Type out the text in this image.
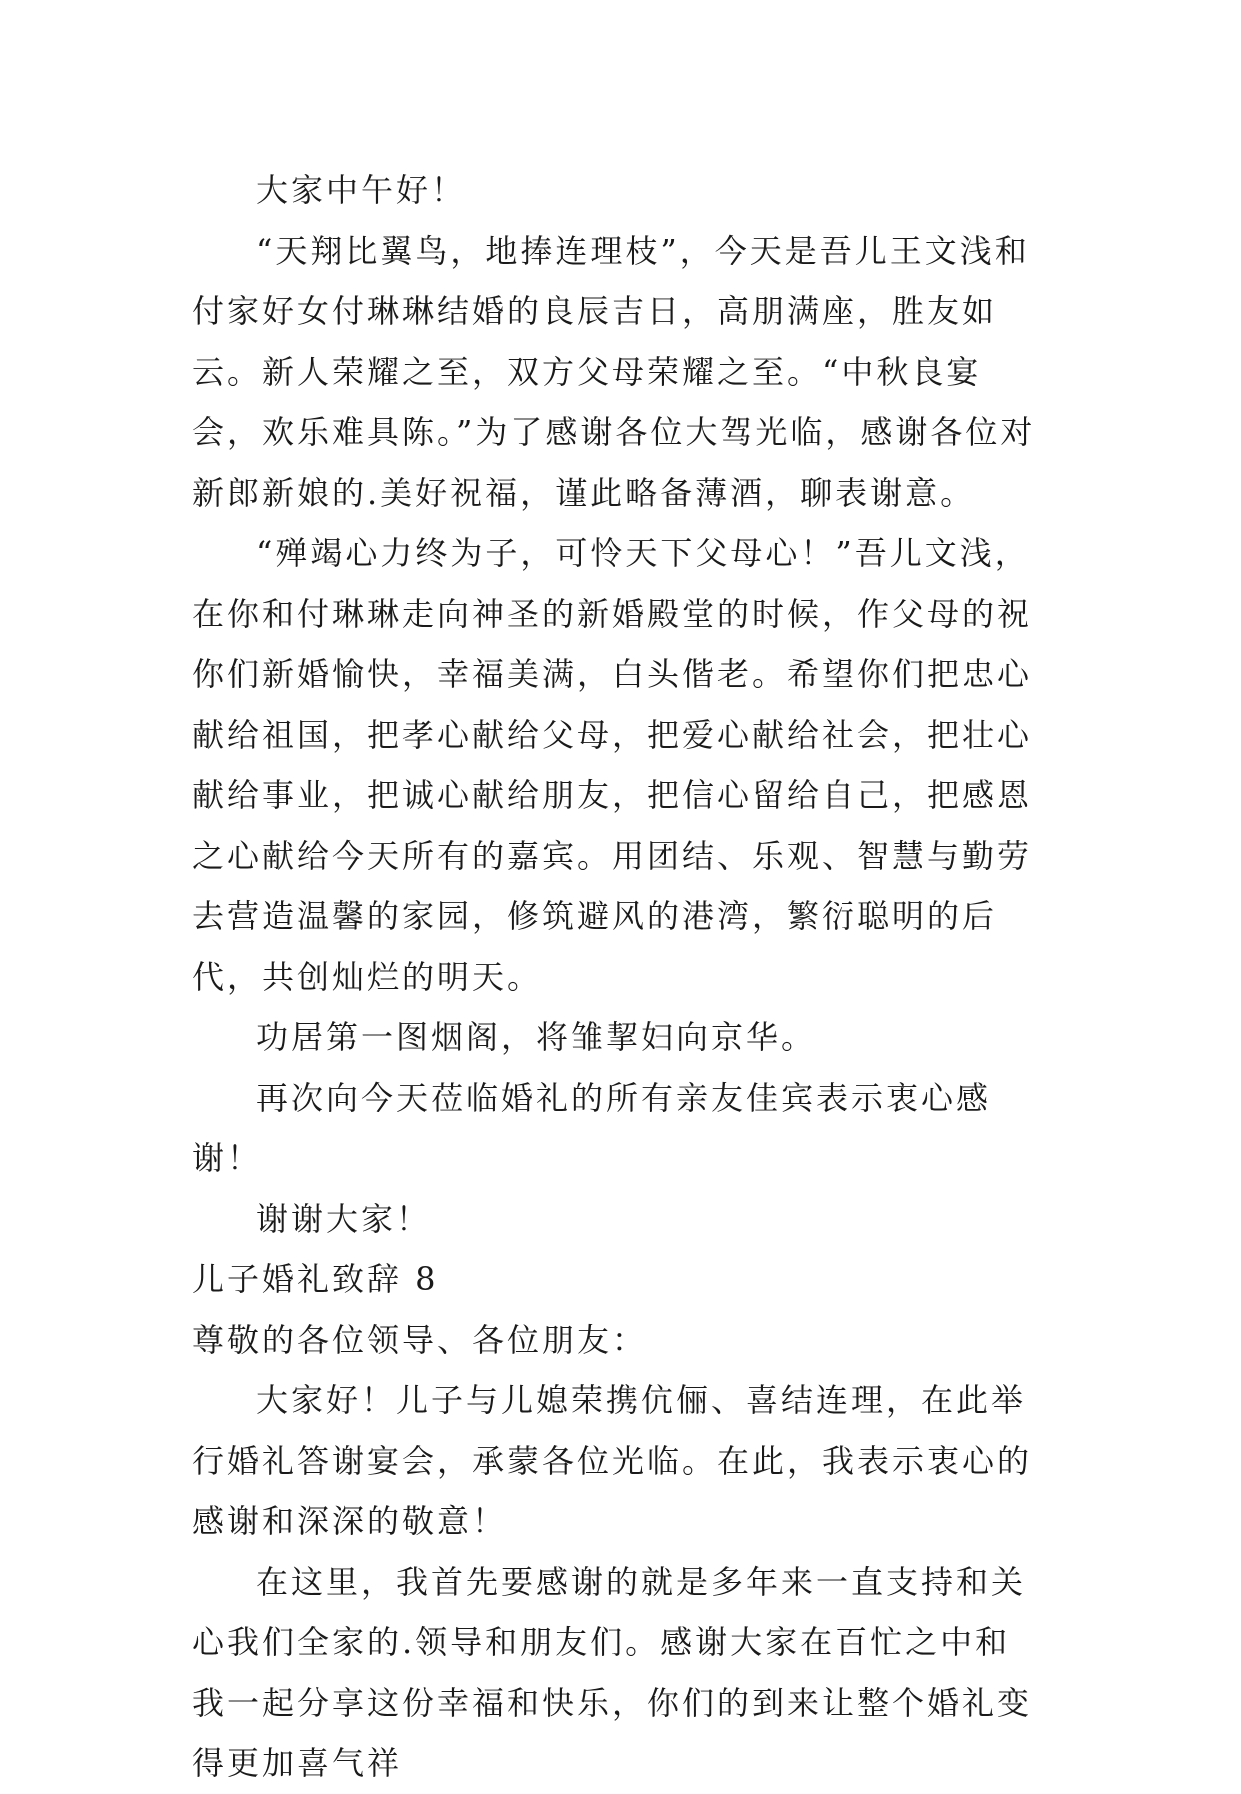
大家中午好！

“天翔比翼鸟，地捧连理枝”，今天是吾儿王文浅和付家好女付琳琳结婚的良辰吉日，高朋满座，胜友如云。新人荣耀之至，双方父母荣耀之至。“中秋良宴会，欢乐难具陈。”为了感谢各位大驾光临，感谢各位对新郎新娘的.美好祝福，谨此略备薄酒，聊表谢意。

“殚竭心力终为子，可怜天下父母心！”吾儿文浅，在你和付琳琳走向神圣的新婚殿堂的时候，作父母的祝你们新婚愉快，幸福美满，白头偕老。希望你们把忠心献给祖国，把孝心献给父母，把爱心献给社会，把壮心献给事业，把诚心献给朋友，把信心留给自己，把感恩之心献给今天所有的嘉宾。用团结、乐观、智慧与勤劳去营造温馨的家园，修筑避风的港湾，繁衍聪明的后代，共创灿烂的明天。

功居第一图烟阁，将雏挈妇向京华。

再次向今天莅临婚礼的所有亲友佳宾表示衷心感谢！

谢谢大家！

儿子婚礼致辞 8

尊敬的各位领导、各位朋友：

大家好！儿子与儿媳荣携伉俪、喜结连理，在此举行婚礼答谢宴会，承蒙各位光临。在此，我表示衷心的感谢和深深的敬意！

在这里，我首先要感谢的就是多年来一直支持和关心我们全家的.领导和朋友们。感谢大家在百忙之中和我一起分享这份幸福和快乐，你们的到来让整个婚礼变得更加喜气祥
